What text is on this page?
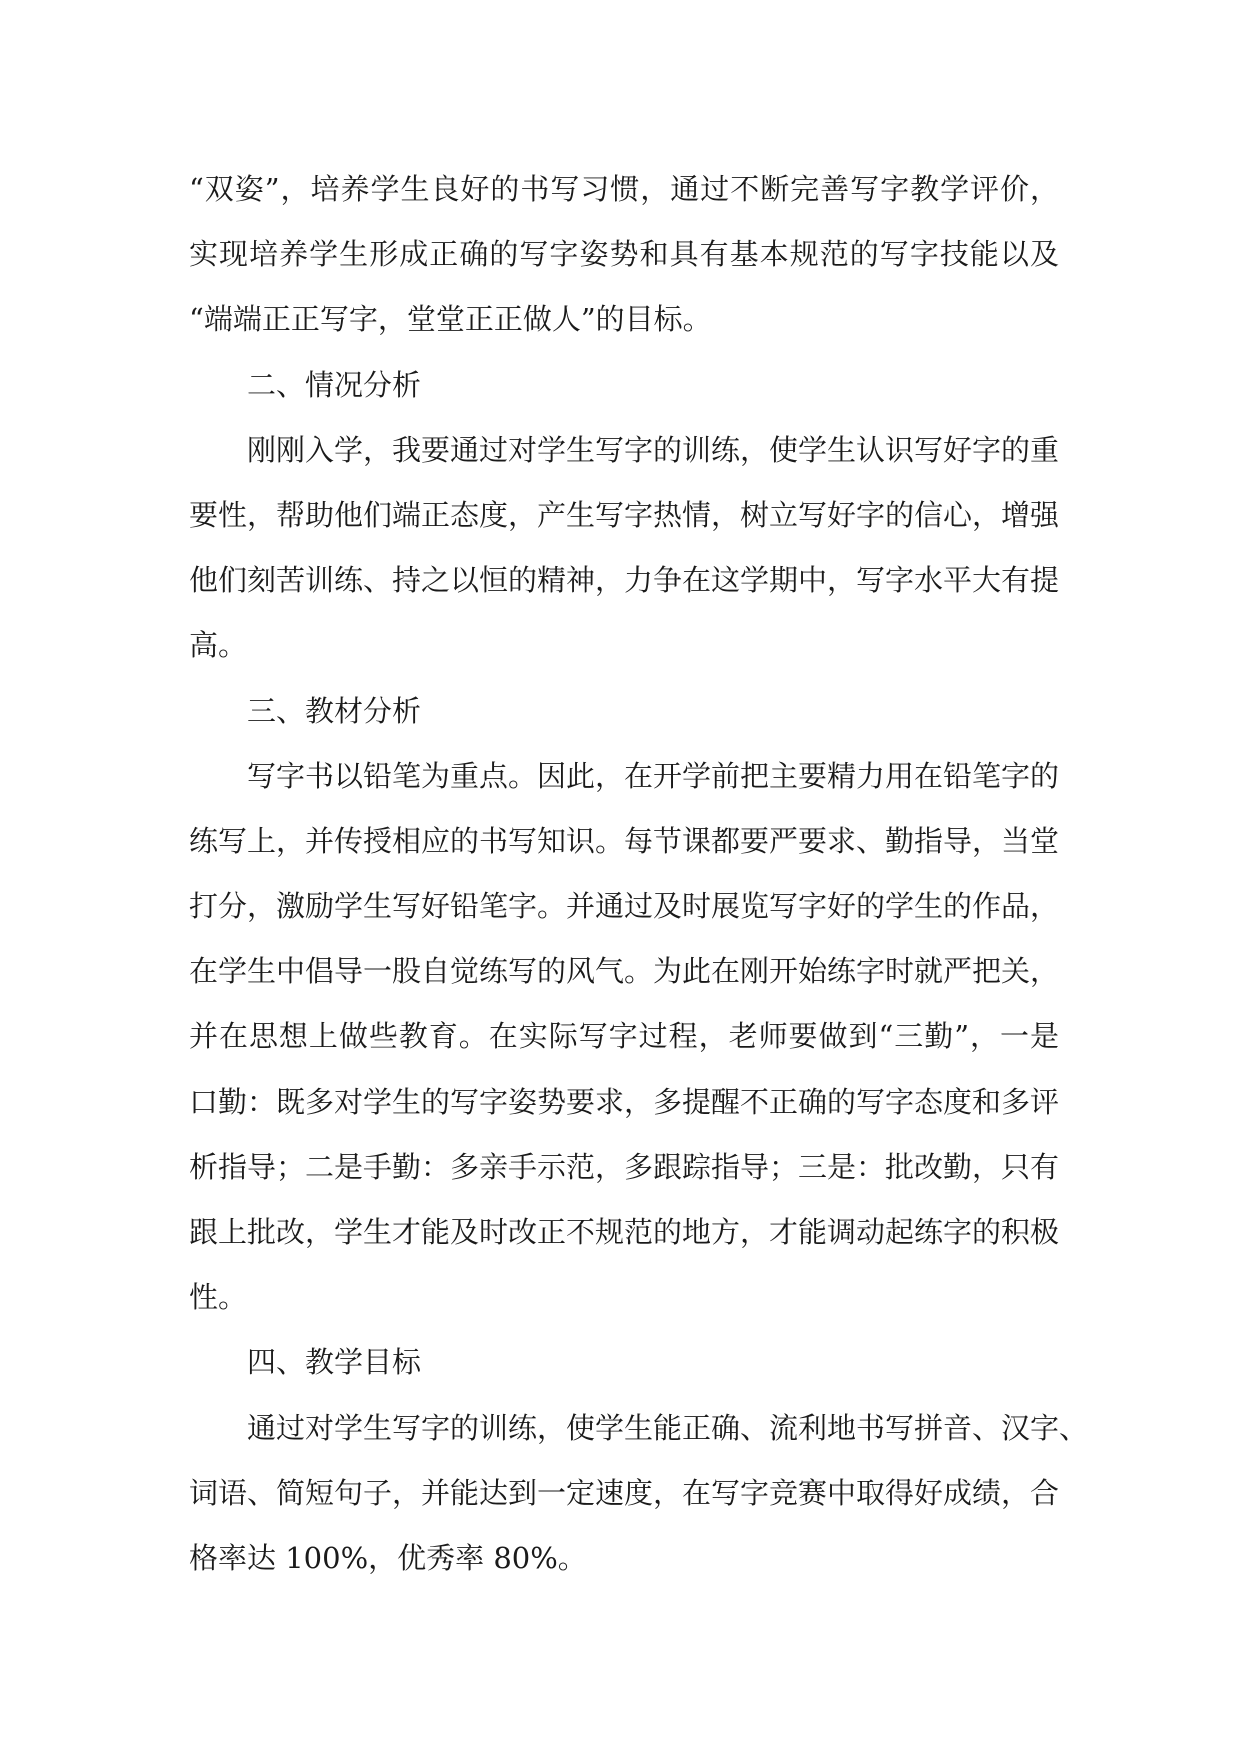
“双姿”，培养学生良好的书写习惯，通过不断完善写字教学评价，
实现培养学生形成正确的写字姿势和具有基本规范的写字技能以及
“端端正正写字，堂堂正正做人”的目标。
二、情况分析
刚刚入学，我要通过对学生写字的训练，使学生认识写好字的重
要性，帮助他们端正态度，产生写字热情，树立写好字的信心，增强
他们刻苦训练、持之以恒的精神，力争在这学期中，写字水平大有提
高。
三、教材分析
写字书以铅笔为重点。因此，在开学前把主要精力用在铅笔字的
练写上，并传授相应的书写知识。每节课都要严要求、勤指导，当堂
打分，激励学生写好铅笔字。并通过及时展览写字好的学生的作品，
在学生中倡导一股自觉练写的风气。为此在刚开始练字时就严把关，
并在思想上做些教育。在实际写字过程，老师要做到“三勤”，一是
口勤：既多对学生的写字姿势要求，多提醒不正确的写字态度和多评
析指导；二是手勤：多亲手示范，多跟踪指导；三是：批改勤，只有
跟上批改，学生才能及时改正不规范的地方，才能调动起练字的积极
性。
四、教学目标
通过对学生写字的训练，使学生能正确、流利地书写拼音、汉字、
词语、简短句子，并能达到一定速度，在写字竞赛中取得好成绩，合
格率达 100%，优秀率 80%。
